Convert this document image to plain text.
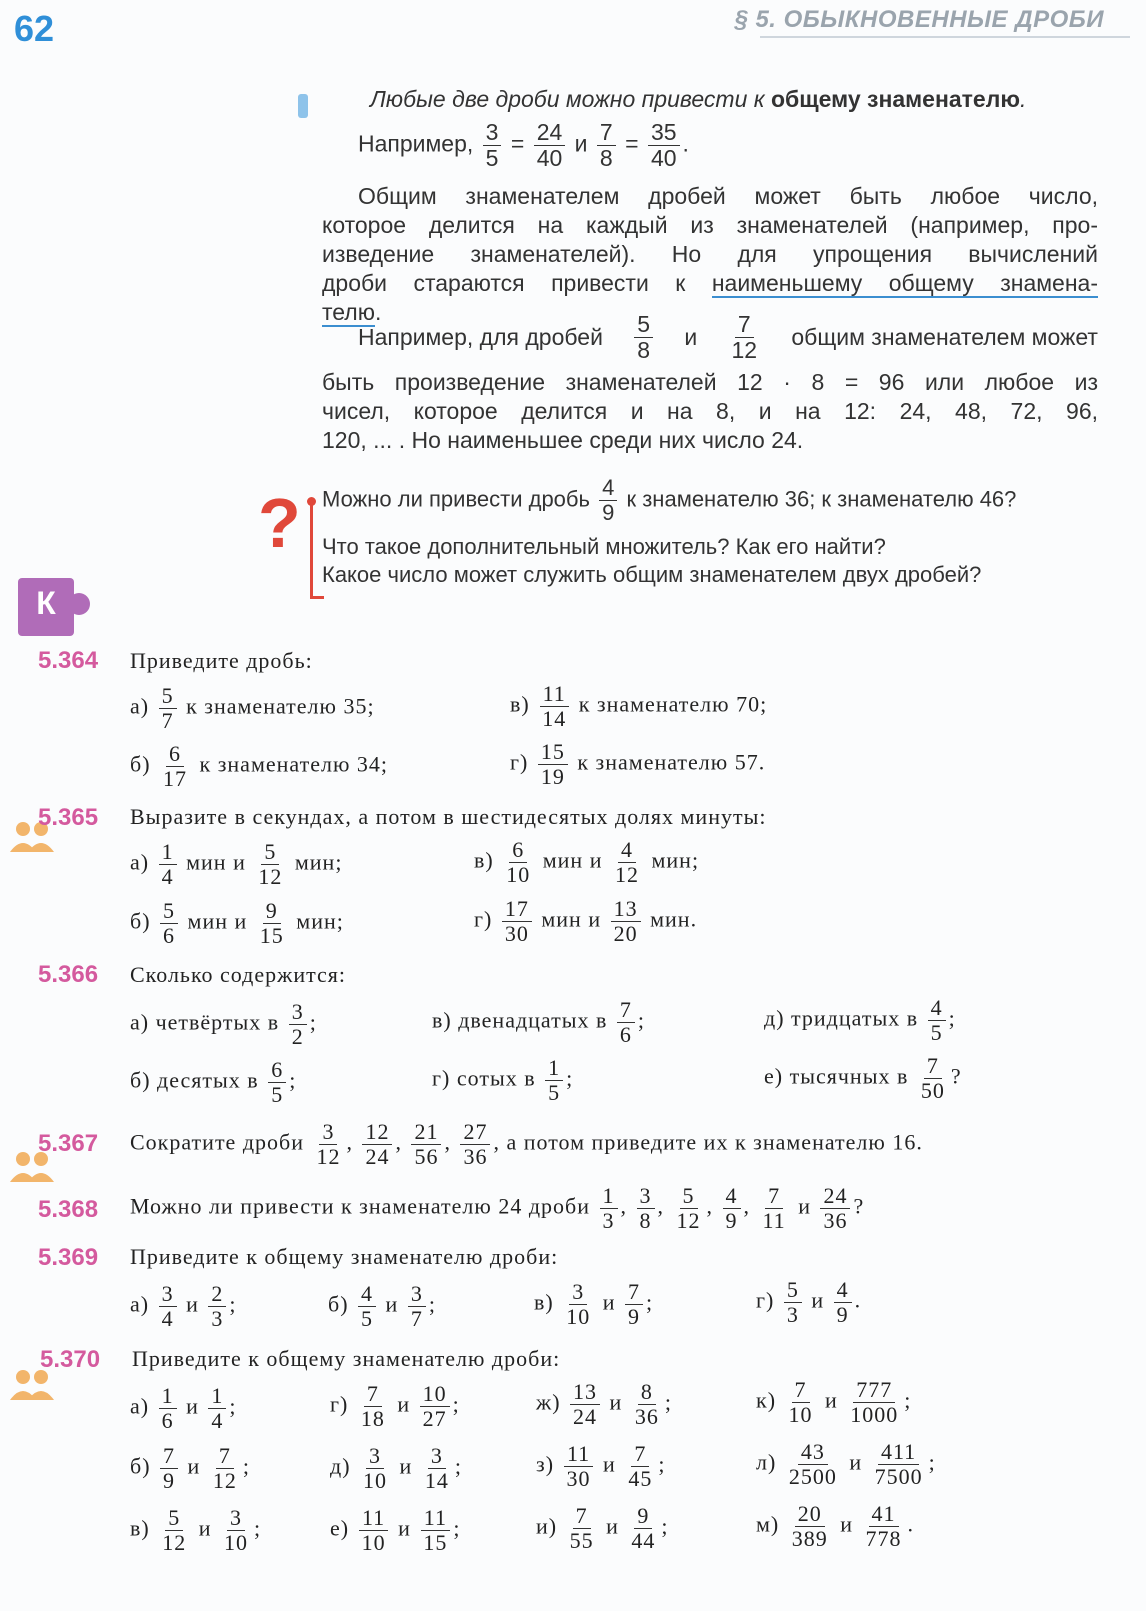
62	§ 5. ОБЫКНОВЕННЫЕ ДРОБИ
Любые две дроби можно привести к общему знаменателю.
Например, $\frac{3}{5} = \frac{24}{40}$ и $\frac{7}{8} = \frac{35}{40}$ .
Общим знаменателем дробей может быть любое число,
которое делится на каждый из знаменателей (например, про-
изведение знаменателей). Но для упрощения вычислений
дроби стараются привести к наименьшему общему знамена-
телю.
Например, для дробей $\frac{5}{8}$ и $\frac{7}{12}$ общим знаменателем может
быть произведение знаменателей 12 · 8 = 96 или любое из
чисел, которое делится и на 8, и на 12: 24, 48, 72, 96,
120, ... . Но наименьшее среди них число 24.
? Можно ли привести дробь $\frac{4}{9}$ к знаменателю 36; к знаменателю 46?
Что такое дополнительный множитель? Как его найти?
Какое число может служить общим знаменателем двух дробей?
К
5.364 Приведите дробь:
$а) \frac{5}{7}$ к знаменателю 35;	$в) \frac{11}{14}$ к знаменателю 70;
$б) \frac{6}{17}$ к знаменателю 34;	$г) \frac{15}{19}$ к знаменателю 57.
5.365 Выразите в секундах, а потом в шестидесятых долях минуты:
$а) \frac{1}{4}$ мин и $\frac{5}{12}$ мин;	$в) \frac{6}{10}$ мин и $\frac{4}{12}$ мин;
$б) \frac{5}{6}$ мин и $\frac{9}{15}$ мин;	$г) \frac{17}{30}$ мин и $\frac{13}{20}$ мин.
5.366 Сколько содержится:
а) четвёртых в $\frac{3}{2}$ ;	в) двенадцатых в $\frac{7}{6}$ ;	д) тридцатых в $\frac{4}{5}$ ;
б) десятых в $\frac{6}{5}$ ;	г) сотых в $\frac{1}{5}$ ;	е) тысячных в $\frac{7}{50}$ ?
5.367 Сократите дроби $\frac{3}{12}$ , $\frac{12}{24}$ , $\frac{21}{56}$ , $\frac{27}{36}$ , а потом приведите их к знаменателю 16.
5.368 Можно ли привести к знаменателю 24 дроби $\frac{1}{3}$ , $\frac{3}{8}$ , $\frac{5}{12}$ , $\frac{4}{9}$ , $\frac{7}{11}$ и $\frac{24}{36}$ ?
5.369 Приведите к общему знаменателю дроби:
$а) \frac{3}{4}$ и $\frac{2}{3}$ ;	$б) \frac{4}{5}$ и $\frac{3}{7}$ ;	$в) \frac{3}{10}$ и $\frac{7}{9}$ ;	$г) \frac{5}{3}$ и $\frac{4}{9}$ .
5.370 Приведите к общему знаменателю дроби:
$а) \frac{1}{6}$ и $\frac{1}{4}$ ;	$г) \frac{7}{18}$ и $\frac{10}{27}$ ;	$ж) \frac{13}{24}$ и $\frac{8}{36}$ ;	$к) \frac{7}{10}$ и $\frac{777}{1000}$ ;
$б) \frac{7}{9}$ и $\frac{7}{12}$ ;	$д) \frac{3}{10}$ и $\frac{3}{14}$ ;	$з) \frac{11}{30}$ и $\frac{7}{45}$ ;	$л) \frac{43}{2500}$ и $\frac{411}{7500}$ ;
$в) \frac{5}{12}$ и $\frac{3}{10}$ ;	$е) \frac{11}{10}$ и $\frac{11}{15}$ ;	$и) \frac{7}{55}$ и $\frac{9}{44}$ ;	$м) \frac{20}{389}$ и $\frac{41}{778}$ .
